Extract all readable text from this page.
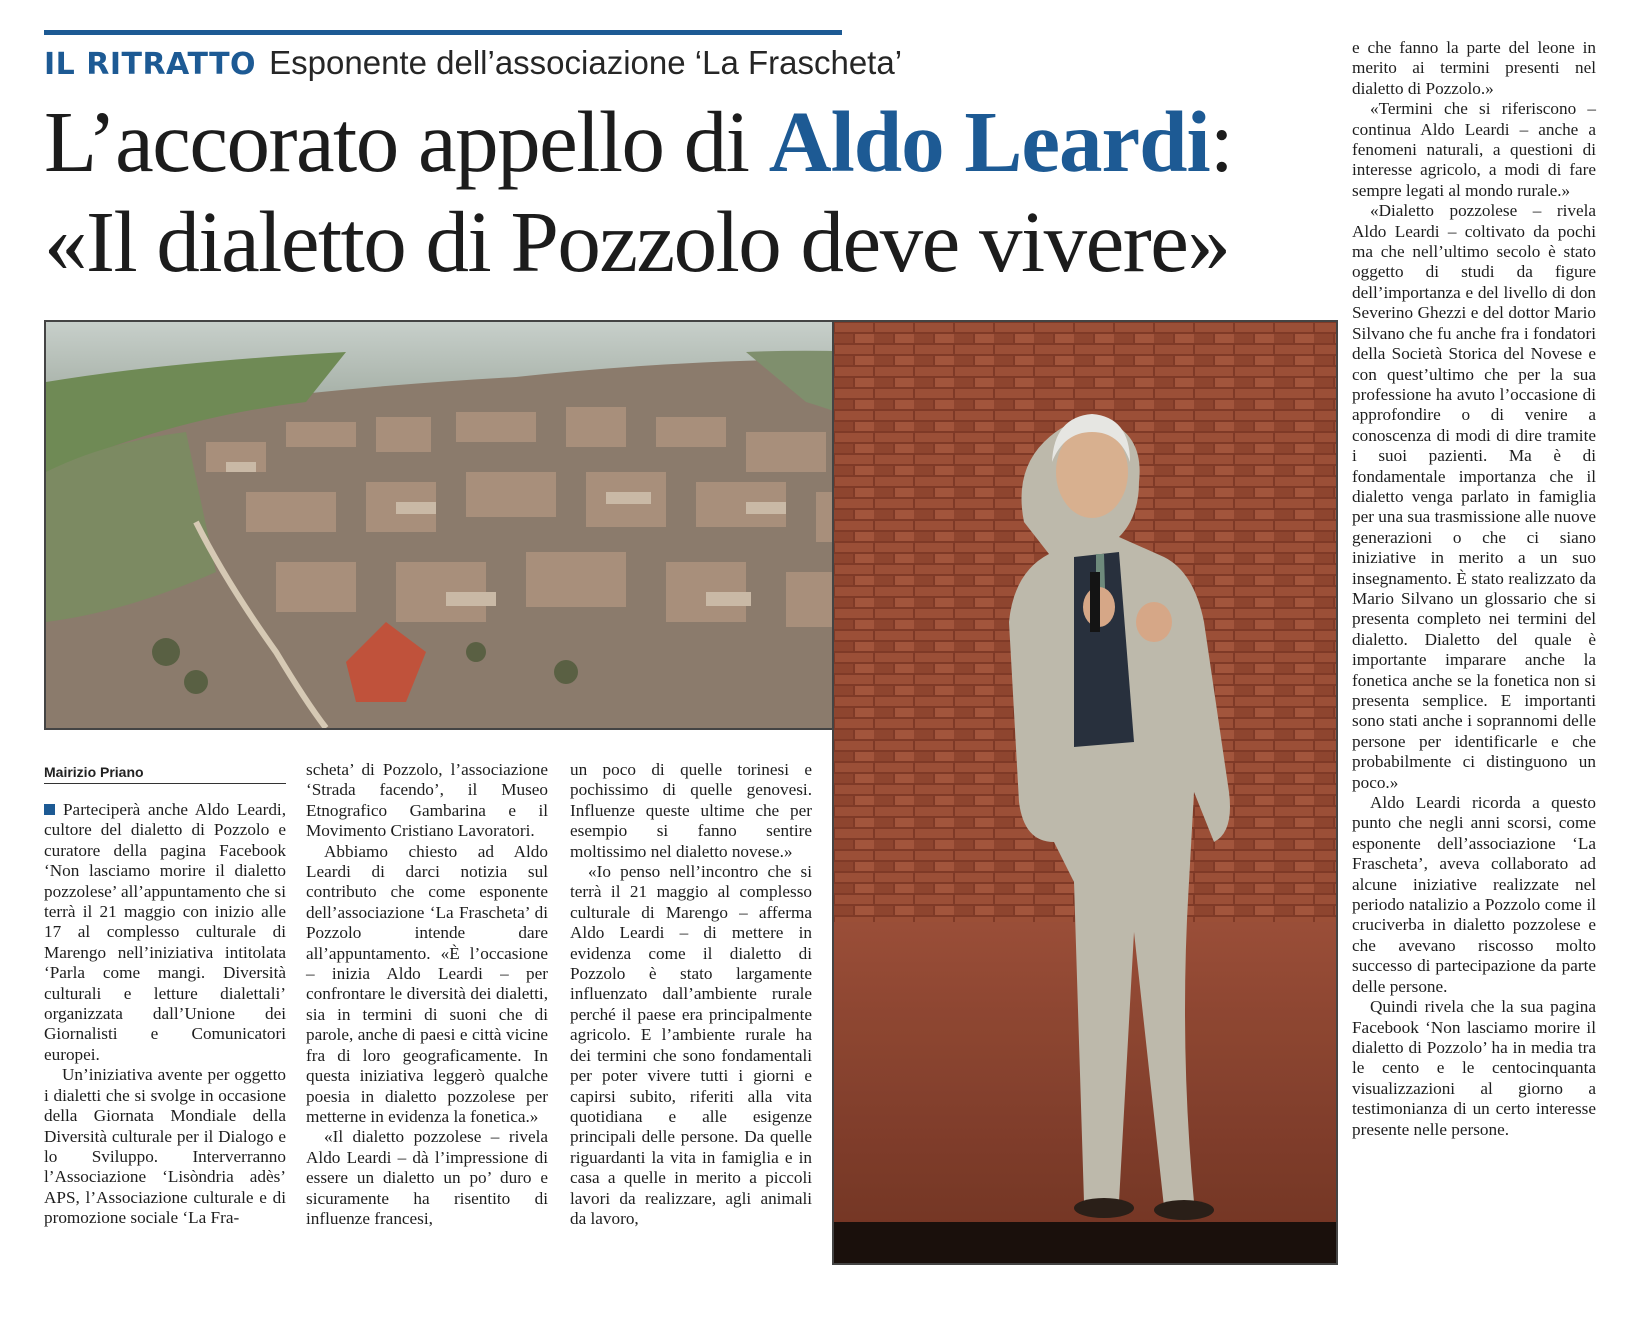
IL RITRATTO Esponente dell’associazione ‘La Frascheta’
L’accorato appello di Aldo Leardi:
«Il dialetto di Pozzolo deve vivere»
Mairizio Priano

Parteciperà anche Aldo Leardi, cultore del dialetto di Pozzolo e curatore della pagina Facebook ‘Non lasciamo morire il dialetto pozzolese’ all’appuntamento che si terrà il 21 maggio con inizio alle 17 al complesso culturale di Marengo nell’iniziativa intitolata ‘Parla come mangi. Diversità culturali e letture dialettali’ organizzata dall’Unione dei Giornalisti e Comunicatori europei.

Un’iniziativa avente per oggetto i dialetti che si svolge in occasione della Giornata Mondiale della Diversità culturale per il Dialogo e lo Sviluppo. Interverranno l’Associazione ‘Lisòndria adès’ APS, l’Associazione culturale e di promozione sociale ‘La Fra-

scheta’ di Pozzolo, l’associazione ‘Strada facendo’, il Museo Etnografico Gambarina e il Movimento Cristiano Lavoratori.

Abbiamo chiesto ad Aldo Leardi di darci notizia sul contributo che come esponente dell’associazione ‘La Frascheta’ di Pozzolo intende dare all’appuntamento. «È l’occasione – inizia Aldo Leardi – per confrontare le diversità dei dialetti, sia in termini di suoni che di parole, anche di paesi e città vicine fra di loro geograficamente. In questa iniziativa leggerò qualche poesia in dialetto pozzolese per metterne in evidenza la fonetica.»

«Il dialetto pozzolese – rivela Aldo Leardi – dà l’impressione di essere un dialetto un po’ duro e sicuramente ha risentito di influenze francesi,

un poco di quelle torinesi e pochissimo di quelle genovesi. Influenze queste ultime che per esempio si fanno sentire moltissimo nel dialetto novese.»

«Io penso nell’incontro che si terrà il 21 maggio al complesso culturale di Marengo – afferma Aldo Leardi – di mettere in evidenza come il dialetto di Pozzolo è stato largamente influenzato dall’ambiente rurale perché il paese era principalmente agricolo. E l’ambiente rurale ha dei termini che sono fondamentali per poter vivere tutti i giorni e capirsi subito, riferiti alla vita quotidiana e alle esigenze principali delle persone. Da quelle riguardanti la vita in famiglia e in casa a quelle in merito a piccoli lavori da realizzare, agli animali da lavoro,

e che fanno la parte del leone in merito ai termini presenti nel dialetto di Pozzolo.»

«Termini che si riferiscono – continua Aldo Leardi – anche a fenomeni naturali, a questioni di interesse agricolo, a modi di fare sempre legati al mondo rurale.»

«Dialetto pozzolese – rivela Aldo Leardi – coltivato da pochi ma che nell’ultimo secolo è stato oggetto di studi da figure dell’importanza e del livello di don Severino Ghezzi e del dottor Mario Silvano che fu anche fra i fondatori della Società Storica del Novese e con quest’ultimo che per la sua professione ha avuto l’occasione di approfondire o di venire a conoscenza di modi di dire tramite i suoi pazienti. Ma è di fondamentale importanza che il dialetto venga parlato in famiglia per una sua trasmissione alle nuove generazioni o che ci siano iniziative in merito a un suo insegnamento. È stato realizzato da Mario Silvano un glossario che si presenta completo nei termini del dialetto. Dialetto del quale è importante imparare anche la fonetica anche se la fonetica non si presenta semplice. E importanti sono stati anche i soprannomi delle persone per identificarle e che probabilmente ci distinguono un poco.»

Aldo Leardi ricorda a questo punto che negli anni scorsi, come esponente dell’associazione ‘La Frascheta’, aveva collaborato ad alcune iniziative realizzate nel periodo natalizio a Pozzolo come il cruciverba in dialetto pozzolese e che avevano riscosso molto successo di partecipazione da parte delle persone.

Quindi rivela che la sua pagina Facebook ‘Non lasciamo morire il dialetto di Pozzolo’ ha in media tra le cento e le centocinquanta visualizzazioni al giorno a testimonianza di un certo interesse presente nelle persone.
